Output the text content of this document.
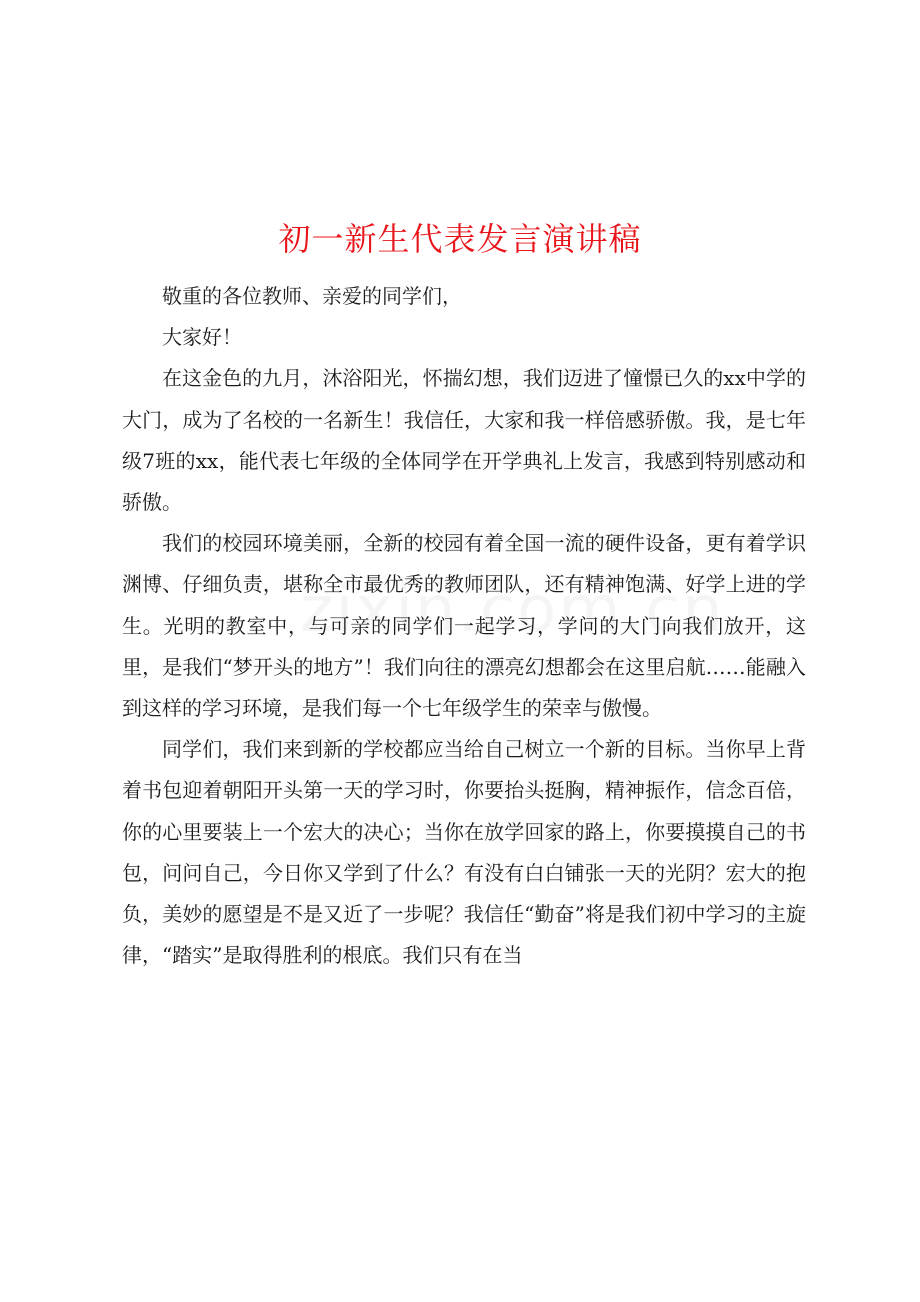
初一新生代表发言演讲稿

敬重的各位教师、亲爱的同学们，

大家好！

在这金色的九月，沐浴阳光，怀揣幻想，我们迈进了憧憬已久的xx中学的大门，成为了名校的一名新生！我信任，大家和我一样倍感骄傲。我，是七年级7班的xx，能代表七年级的全体同学在开学典礼上发言，我感到特别感动和骄傲。

我们的校园环境美丽，全新的校园有着全国一流的硬件设备，更有着学识渊博、仔细负责，堪称全市最优秀的教师团队，还有精神饱满、好学上进的学生。光明的教室中，与可亲的同学们一起学习，学问的大门向我们放开，这里，是我们“梦开头的地方”！我们向往的漂亮幻想都会在这里启航……能融入到这样的学习环境，是我们每一个七年级学生的荣幸与傲慢。

同学们，我们来到新的学校都应当给自己树立一个新的目标。当你早上背着书包迎着朝阳开头第一天的学习时，你要抬头挺胸，精神振作，信念百倍，你的心里要装上一个宏大的决心；当你在放学回家的路上，你要摸摸自己的书包，问问自己，今日你又学到了什么？有没有白白铺张一天的光阴？宏大的抱负，美妙的愿望是不是又近了一步呢？我信任“勤奋”将是我们初中学习的主旋律，“踏实”是取得胜利的根底。我们只有在当
